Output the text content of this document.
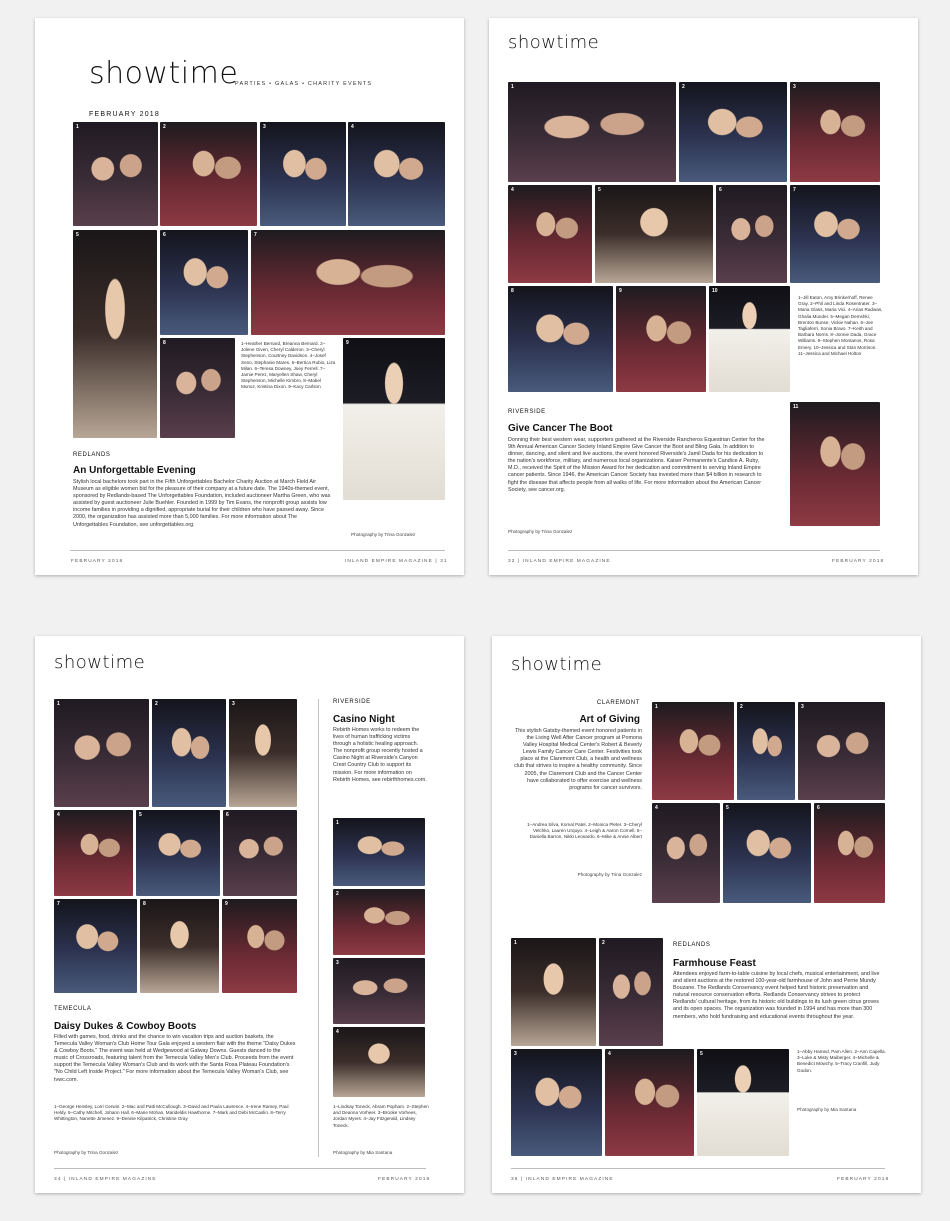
showtime
PARTIES • GALAS • CHARITY EVENTS
FEBRUARY 2018
1	2	3	4
5	6	7
8	9
1–Heather Bernard, Breanna Bernard. 2–Jolene Given, Cheryl Calderon. 3–Cheryl Stephenson, Courtney Davidson. 4–Josef Seno, Stephanie Mares. 5–Bertica Rubio, Liza Milan. 6–Teresa Downey, Joey Ferrell. 7–Jamie Perez, Maryellen Shaw, Cheryl Stephenson, Michelle Kimbro. 8–Mabel Munoz, Kristina Dixon. 9–Kacy Carlson
REDLANDS
An Unforgettable Evening
Stylish local bachelors took part in the Fifth Unforgettables Bachelor Charity Auction at March Field Air Museum as eligible women bid for the pleasure of their company at a future date. The 1940s-themed event, sponsored by Redlands-based The Unforgettables Foundation, included auctioneer Martha Green, who was assisted by guest auctioneer Julie Buehler. Founded in 1999 by Tim Evans, the nonprofit group assists low income families in providing a dignified, appropriate burial for their children who have passed away. Since 2000, the organization has assisted more than 5,000 families. For more information about The Unforgettables Foundation, see unforgettables.org.
Photography by Trina Gonzalez
FEBRUARY 2018	INLAND EMPIRE MAGAZINE | 31
showtime
1	2	3
4	5	6	7
8	9	10
1–Jill Eaton, Amy Brinkerhoff, Renee Gray. 2–Phil and Linda Rosentrater. 3–Maria Glass, Maria Vici. 4–Arias Radwas, Ghalia Munder. 5–Megan Demshki, Brenton Bunse, Vickie Nahan. 6–Joe Tagliaferri, Sonia Bravo. 7–Keith and Barbara Norris. 8–Jonnie Dada, Grace Williams. 9–Stephen Montanos, Rosa Emery. 10–Jessica and Stan Morrison. 11–Jessica and Michael Holton
RIVERSIDE
Give Cancer The Boot
Donning their best western wear, supporters gathered at the Riverside Rancheros Equestrian Center for the 9th Annual American Cancer Society Inland Empire Give Cancer the Boot and Bling Gala. In addition to dinner, dancing, and silent and live auctions, the event honored Riverside's Jamil Dada for his dedication to the nation's workforce, military, and numerous local organizations. Kaiser Permanente's Candice A. Ruby, M.D., received the Spirit of the Mission Award for her dedication and commitment to serving Inland Empire cancer patients. Since 1946, the American Cancer Society has invested more than $4 billion in research to fight the disease that affects people from all walks of life. For more information about the American Cancer Society, see cancer.org.
Photography by Trina Gonzalez
11
32 | INLAND EMPIRE MAGAZINE	FEBRUARY 2018
showtime
1	2	3
4	5	6
7	8	9
TEMECULA
Daisy Dukes & Cowboy Boots
Filled with games, food, drinks and the chance to win vacation trips and auction baskets, the Temecula Valley Woman's Club Home Tour Gala enjoyed a western flair with the theme "Daisy Dukes & Cowboy Boots." The event was held at Wedgewood at Galway Downs. Guests danced to the music of Crossroads, featuring talent from the Temecula Valley Men's Club. Proceeds from the event support the Temecula Valley Woman's Club and its work with the Santa Rosa Plateau Foundation's "No Child Left Inside Project." For more information about the Temecula Valley Woman's Club, see tvwc.com.
1–George Hensley, Lorri Cerwin. 2–Mac and Patti McCullough. 3–David and Paula Lawrence. 4–Irene Ramey, Paul Heldy. 5–Cathy Mitchell, Johann Hall. 6–Marie Mohan, Marideldis Hawthorne. 7–Mark and Debi McCaslin. 8–Terry Whittington, Nanette Jimenez. 9–Denise Kilpatrick, Christine Gray
Photography by Trina Gonzalez
RIVERSIDE
Casino Night
Rebirth Homes works to redeem the lives of human trafficking victims through a holistic healing approach. The nonprofit group recently hosted a Casino Night at Riverside's Canyon Crest Country Club to support its mission. For more information on Rebirth Homes, see rebirthhomes.com.
1
2
3
4
1–Lindsay Toneck, Abram Popham. 2–Stephen and Deanna Vorheer. 3–Brooke Vorhees, Jordan Myers. 4–Jay Fitzgerald, Lindsey Toneck.
Photography by Mia Santana
34 | INLAND EMPIRE MAGAZINE	FEBRUARY 2018
showtime
CLAREMONT
Art of Giving
This stylish Gatsby-themed event honored patients in the Living Well After Cancer program at Pomona Valley Hospital Medical Center's Robert & Beverly Lewis Family Cancer Care Center. Festivities took place at the Claremont Club, a health and wellness club that strives to inspire a healthy community. Since 2005, the Claremont Club and the Cancer Center have collaborated to offer exercise and wellness programs for cancer survivors.
1–Andrea Silva, Komal Patel. 2–Monica Pleter. 3–Cheryl Velchko, Lauren Urquyo. 4–Leigh & Aaron Cornell. 5–Daniella Barron, Nikki Leonardo. 6–Mike & Annie Albert
Photography by Trina Gonzalez
1	2	3
4	5	6
1	2	REDLANDS
Farmhouse Feast
Attendees enjoyed farm-to-table cuisine by local chefs, musical entertainment, and live and silent auctions at the restored 100-year-old farmhouse of John and Perrie Mundy Bouzane. The Redlands Conservancy event helped fund historic preservation and natural resource conservation efforts. Redlands Conservancy strives to protect Redlands' cultural heritage, from its historic old buildings to its lush green citrus groves and its open spaces. The organization was founded in 1994 and has more than 300 members, who hold fundraising and educational events throughout the year.
3	4	5	1–Abby Hamed, Pam Allen. 2–Ann Capella. 3–Luke & Misty Maiberger. 4–Michelle & Benedict Mowchy. 5–Tracy Cranfill, Judy Godon.
Photography by Mia Santana
36 | INLAND EMPIRE MAGAZINE	FEBRUARY 2018
